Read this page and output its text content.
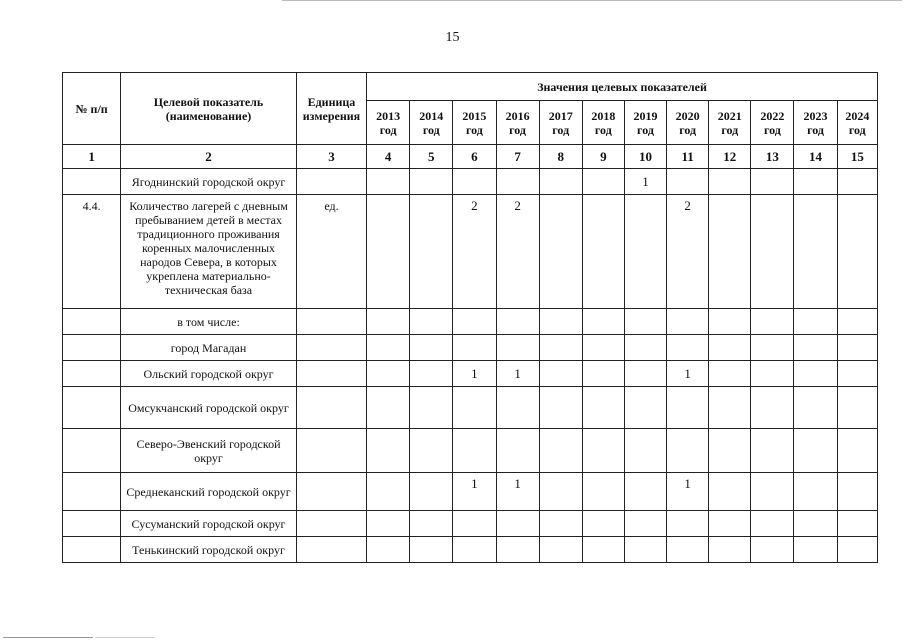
15
№ п/п	Целевой показатель (наименование)	Единица измерения	Значения целевых показателей											
			2013 год	2014 год	2015 год	2016 год	2017 год	2018 год	2019 год	2020 год	2021 год	2022 год	2023 год	2024 год
1	2	3	4	5	6	7	8	9	10	11	12	13	14	15
	Ягоднинский городской округ								1					
4.4.	Количество лагерей с дневным пребыванием детей в местах традиционного проживания коренных малочисленных народов Севера, в которых укреплена материально-техническая база	ед.			2	2				2				
	в том числе:													
	город Магадан													
	Ольский городской округ				1	1				1				
	Омсукчанский городской округ													
	Северо-Эвенский городской округ													
	Среднеканский городской округ				1	1				1				
	Сусуманский городской округ													
	Тенькинский городской округ													
